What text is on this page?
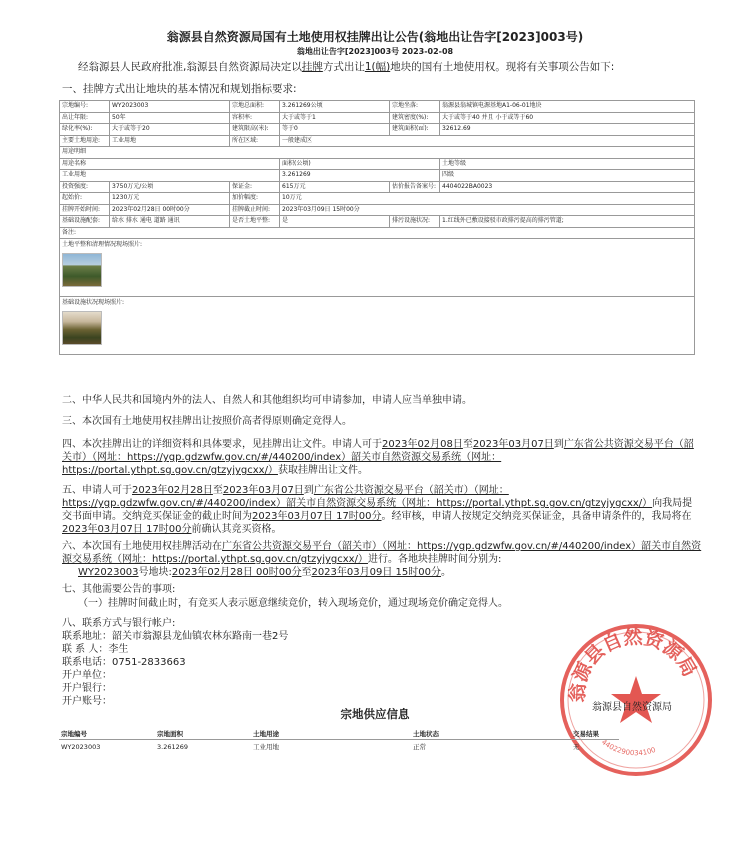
翁源县自然资源局国有土地使用权挂牌出让公告(翁地出让告字[2023]003号)
翁地出让告字[2023]003号 2023-02-08
经翁源县人民政府批准,翁源县自然资源局决定以挂牌方式出让1(幅)地块的国有土地使用权。现将有关事项公告如下:
一、挂牌方式出让地块的基本情况和规划指标要求:
宗地编号:	WY2023003	宗地总面积:	3.261269公顷	宗地坐落:	翁源县翁城镇电源基地A1-06-01地块
出让年限:	50年	容积率:	大于或等于1	建筑密度(%):	大于或等于40 并且 小于或等于60
绿化率(%):	大于或等于20	建筑限高(米):	等于0	建筑面积(㎡):	32612.69
主要土地用途:	工业用地	所在区域:	一般建成区		
用途明细					
用途名称			面积(公顷)		土地等级
工业用地			3.261269		四级
投资强度:	3750万元/公顷	保证金:	615万元	估价报告备案号:	4404022BA0023
起始价:	1230万元	加价幅度:	10万元		
挂牌开始时间:	2023年02月28日 00时00分	挂牌截止时间:	2023年03月09日 15时00分		
基础设施配套:	给水 排水 通电 道路 通讯	是否土地平整:	是	排污设施状况:	1.红线外已敷设接驳市政排污提高的排污管道;
备注:					

土地平整和清理情况现场照片:					

基础设施状况现场照片:					
二、中华人民共和国境内外的法人、自然人和其他组织均可申请参加，申请人应当单独申请。
三、本次国有土地使用权挂牌出让按照价高者得原则确定竞得人。
四、本次挂牌出让的详细资料和具体要求，见挂牌出让文件。申请人可于2023年02月08日至2023年03月07日到广东省公共资源交易平台（韶关市）（网址：https://ygp.gdzwfw.gov.cn/#/440200/index）韶关市自然资源交易系统（网址：https://portal.ythpt.sg.gov.cn/gtzyjygcxx/）获取挂牌出让文件。
五、申请人可于2023年02月28日至2023年03月07日到广东省公共资源交易平台（韶关市）（网址：https://ygp.gdzwfw.gov.cn/#/440200/index）韶关市自然资源交易系统（网址：https://portal.ythpt.sg.gov.cn/gtzyjygcxx/）向我局提交书面申请。交纳竞买保证金的截止时间为2023年03月07日 17时00分。经审核，申请人按规定交纳竞买保证金，具备申请条件的，我局将在2023年03月07日 17时00分前确认其竞买资格。
六、本次国有土地使用权挂牌活动在广东省公共资源交易平台（韶关市）（网址：https://ygp.gdzwfw.gov.cn/#/440200/index）韶关市自然资源交易系统（网址：https://portal.ythpt.sg.gov.cn/gtzyjygcxx/）进行。各地块挂牌时间分别为:
WY2023003号地块:2023年02月28日 00时00分至2023年03月09日 15时00分。
七、其他需要公告的事项:
（一）挂牌时间截止时，有竞买人表示愿意继续竞价，转入现场竞价，通过现场竞价确定竞得人。
八、联系方式与银行帐户:
联系地址：韶关市翁源县龙仙镇农林东路南一巷2号
联 系 人：李生
联系电话：0751-2833663
开户单位：
开户银行：
开户账号：	翁源县自然资源局
4402290034100
翁源县自然资源局
宗地供应信息
宗地编号	宗地面积	土地用途	土地状态	交易结果
WY2023003	3.261269	工业用地	正常	无
